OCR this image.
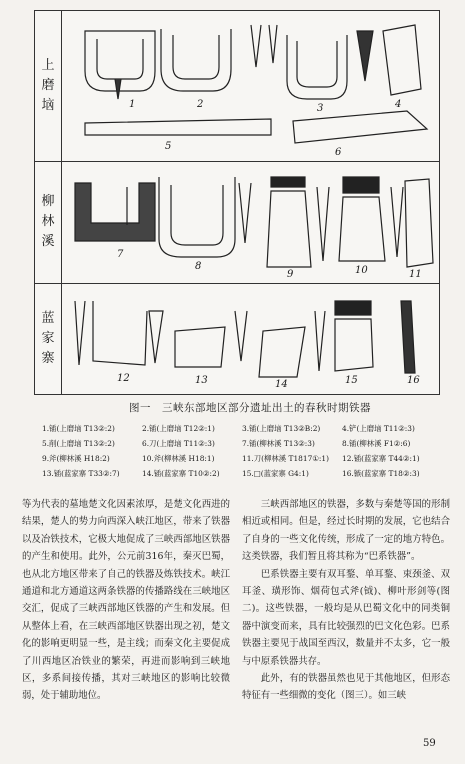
上
磨
垴
柳
林
溪
蓝
家
寨
1	2	3	4
5
6
7
8
9	10	11
12	13	14	15	16
图一　三峡东部地区部分遗址出土的春秋时期铁器
1.锸(上磨垴 T13②:2)	2.锸(上磨垴 T12②:1)	3.锸(上磨垴 T13②B:2)	4.铲(上磨垴 T11②:3)
5.削(上磨垴 T13②:2)	6.刀(上磨垴 T11②:3)	7.锸(柳林溪 T13②:3)	8.锸(柳林溪 F1②:6)
9.斧(柳林溪 H18:2)	10.斧(柳林溪 H18:1)	11.刀(柳林溪 T1817①:1)	12.锸(蓝家寨 T44②:1)
13.锸(蓝家寨 T33②:7)	14.锸(蓝家寨 T10②:2)	15.□(蓝家寨 G4:1)	16.镞(蓝家寨 T18②:3)

等为代表的墓地楚文化因素浓厚，是楚文化西进的结果，楚人的势力向西深入峡江地区，带来了铁器以及冶铁技术，它极大地促成了三峡西部地区铁器的产生和使用。此外，公元前316年，秦灭巴蜀，也从北方地区带来了自己的铁器及炼铁技术。峡江通道和北方通道这两条铁器的传播路线在三峡地区交汇，促成了三峡西部地区铁器的产生和发展。但从整体上看，在三峡西部地区铁器出现之初，楚文化的影响更明显一些，是主线；而秦文化主要促成了川西地区冶铁业的繁荣，再进而影响到三峡地区，多系间接传播，其对三峡地区的影响比较微弱，处于辅助地位。

三峡西部地区的铁器，多数与秦楚等国的形制相近或相同。但是，经过长时期的发展，它也结合了自身的一些文化传统，形成了一定的地方特色。这类铁器，我们暂且将其称为“巴系铁器”。

巴系铁器主要有双耳鍪、单耳鍪、束颈釜、双耳釜、璜形饰、烟荷包式斧(钺)、柳叶形剑等(图二)。这些铁器，一般均是从巴蜀文化中的同类铜器中演变而来，具有比较强烈的巴文化色彩。巴系铁器主要见于战国至西汉，数量并不太多，它一般与中原系铁器共存。

此外，有的铁器虽然也见于其他地区，但形态特征有一些细微的变化（图三）。如三峡

59
